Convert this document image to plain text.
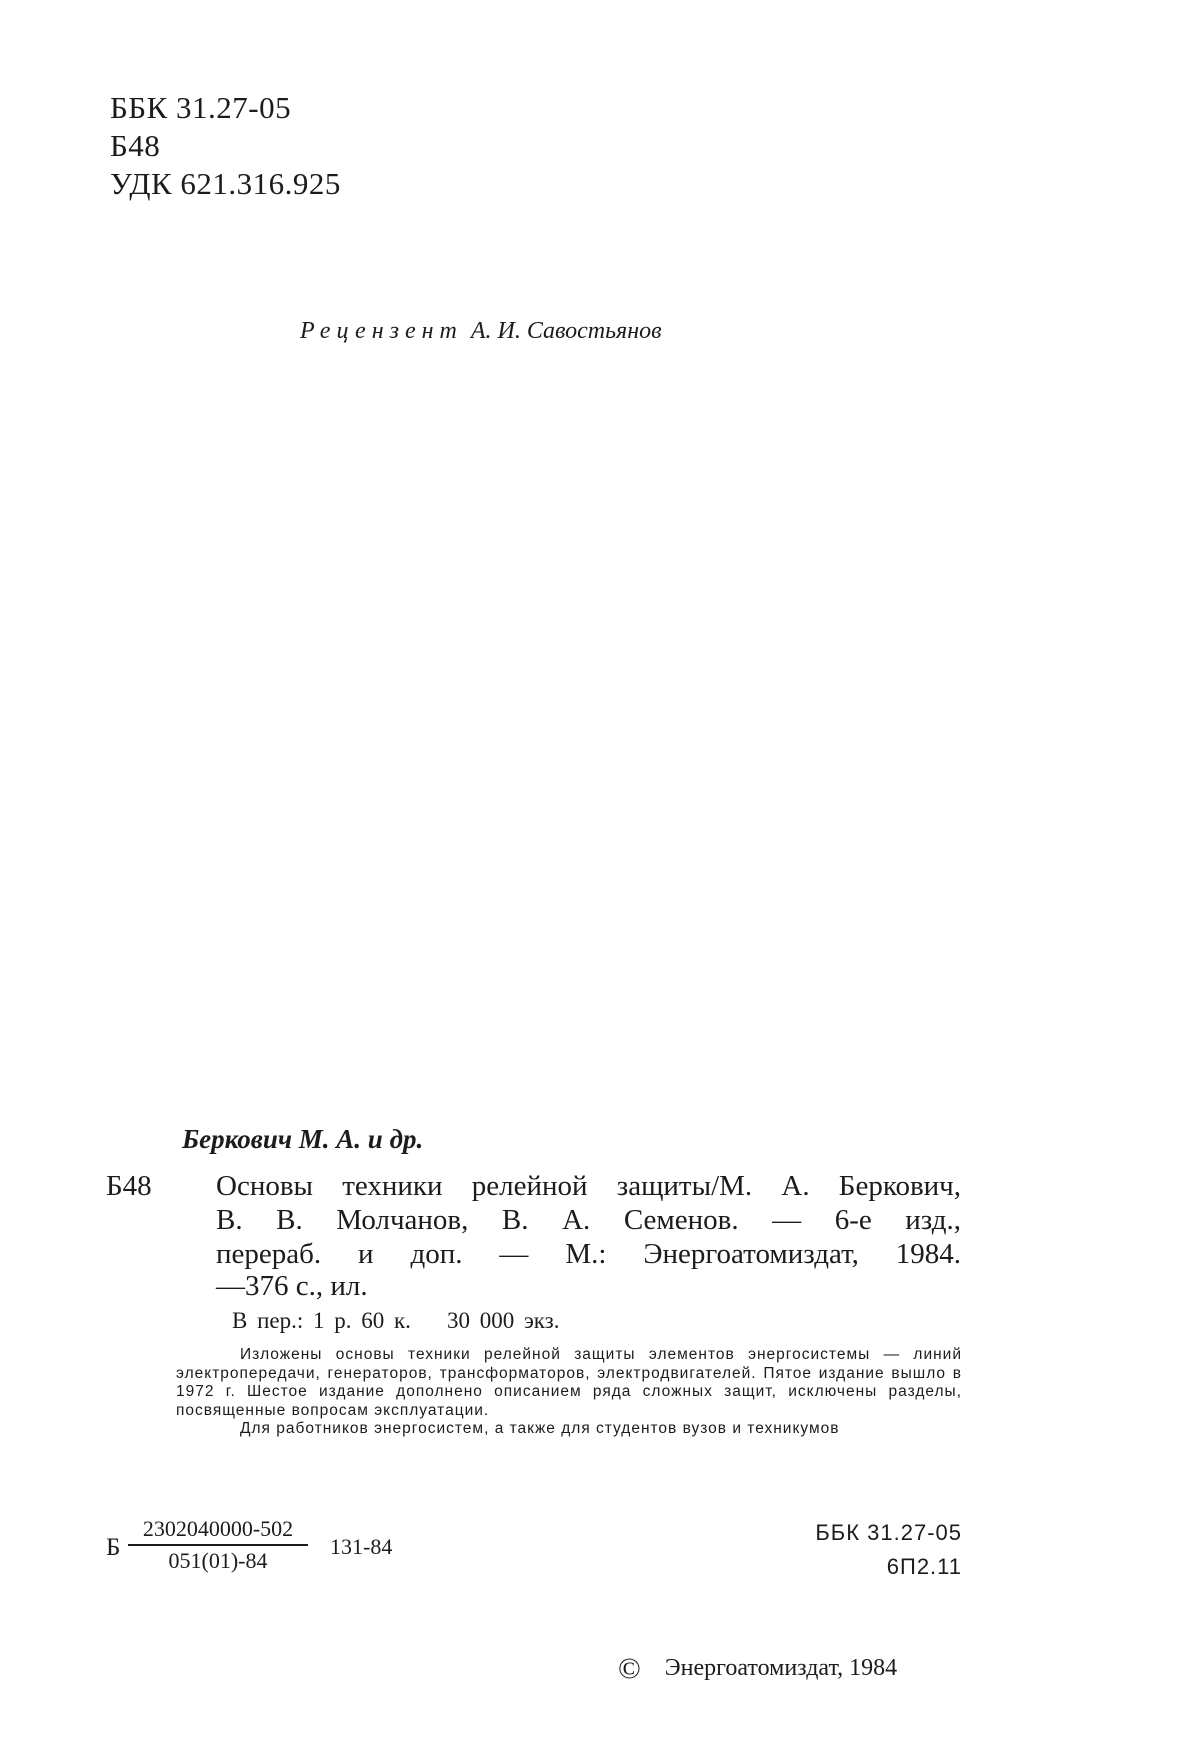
ББК 31.27-05
Б48
УДК 621.316.925
Рецензент А. И. Савостьянов
Беркович М. А. и др.
Б48 Основы техники релейной защиты/М. А. Беркович,
В. В. Молчанов, В. А. Семенов. — 6-е изд.,
перераб. и доп. — М.: Энергоатомиздат, 1984.
—376 с., ил.
В пер.: 1 р. 60 к. 30 000 экз.

Изложены основы техники релейной защиты элементов энергосистемы — линий электропередачи, генераторов, трансформаторов, электродвигателей. Пятое издание вышло в 1972 г. Шестое издание дополнено описанием ряда сложных защит, исключены разделы, посвященные вопросам эксплуатации.

Для работников энергосистем, а также для студентов вузов и техникумов

Б
2302040000-502
051(01)-84
131-84
ББК 31.27-05
6П2.11
© Энергоатомиздат, 1984
